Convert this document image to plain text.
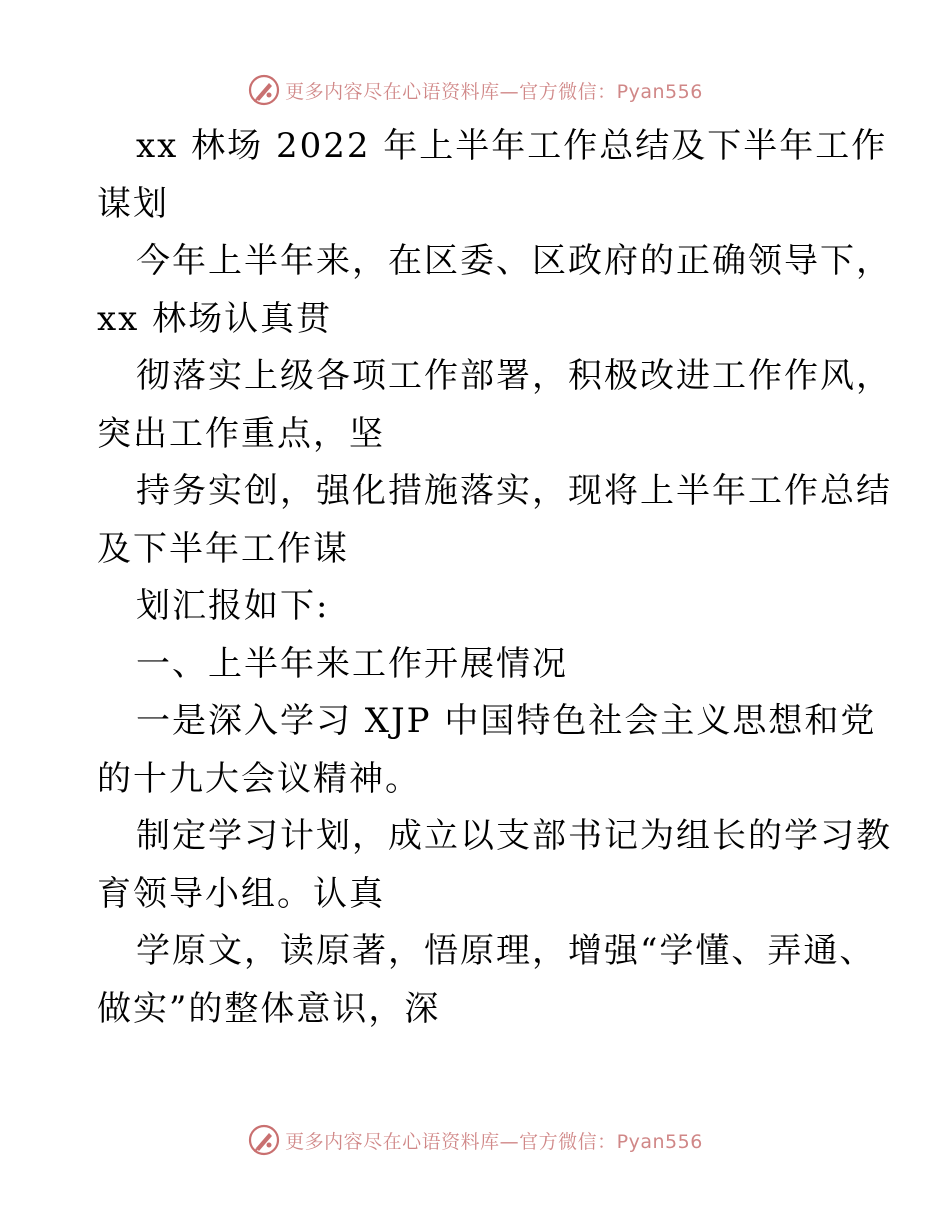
更多内容尽在心语资料库—官方微信：Pyan556
xx 林场 2022 年上半年工作总结及下半年工作
谋划
今年上半年来，在区委、区政府的正确领导下，
xx 林场认真贯
彻落实上级各项工作部署，积极改进工作作风，
突出工作重点，坚
持务实创，强化措施落实，现将上半年工作总结
及下半年工作谋
划汇报如下:
一、上半年来工作开展情况
一是深入学习 XJP 中国特色社会主义思想和党
的十九大会议精神。
制定学习计划，成立以支部书记为组长的学习教
育领导小组。认真
学原文，读原著，悟原理，增强“学懂、弄通、
做实”的整体意识，深
更多内容尽在心语资料库—官方微信：Pyan556
